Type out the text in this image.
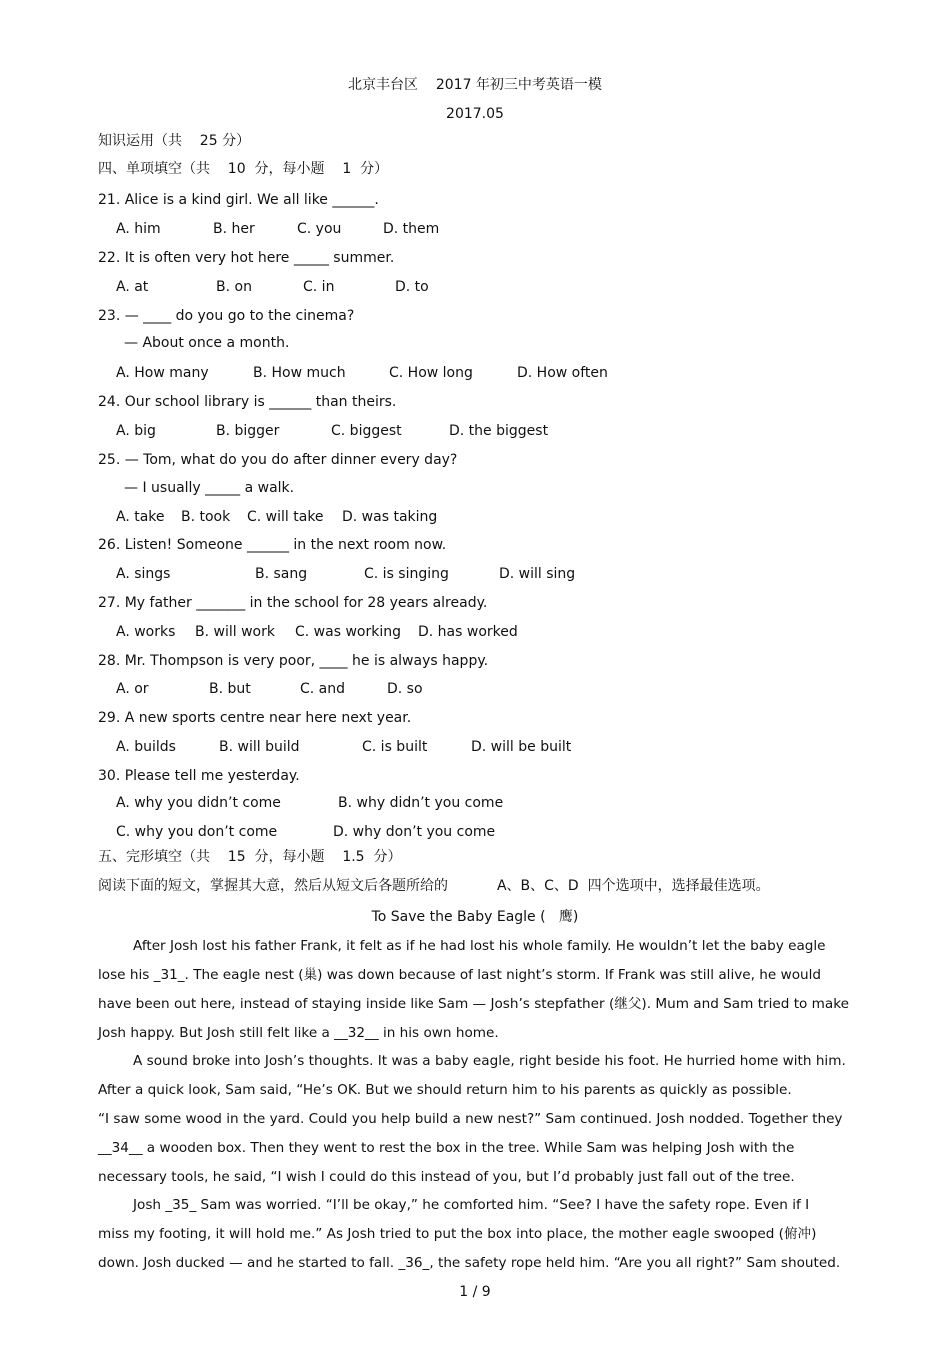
北京丰台区    2017 年初三中考英语一模
2017.05
知识运用（共    25 分）
四、单项填空（共    10  分，每小题    1  分）
21. Alice is a kind girl. We all like ______.
A. him	B. her	C. you	D. them
22. It is often very hot here _____ summer.
A. at	B. on	C. in	D. to
23. — ____ do you go to the cinema?
— About once a month.
A. How many	B. How much	C. How long	D. How often
24. Our school library is ______ than theirs.
A. big	B. bigger	C. biggest	D. the biggest
25. — Tom, what do you do after dinner every day?
— I usually _____ a walk.
A. take B. took C. will take D. was taking
26. Listen! Someone ______ in the next room now.
A. sings	B. sang	C. is singing	D. will sing
27. My father _______ in the school for 28 years already.
A. works B. will work C. was working D. has worked
28. Mr. Thompson is very poor, ____ he is always happy.
A. or	B. but	C. and	D. so
29. A new sports centre near here next year.
A. builds	B. will build	C. is built	D. will be built
30. Please tell me yesterday.
A. why you didn’t come	B. why didn’t you come
C. why you don’t come	D. why don’t you come
五、完形填空（共    15  分，每小题    1.5  分）
阅读下面的短文，掌握其大意，然后从短文后各题所给的           A、B、C、D  四个选项中，选择最佳选项。
To Save the Baby Eagle (   鹰)
After Josh lost his father Frank, it felt as if he had lost his whole family. He wouldn’t let the baby eagle
lose his _31_. The eagle nest (巢) was down because of last night’s storm. If Frank was still alive, he would
have been out here, instead of staying inside like Sam — Josh’s stepfather (继父). Mum and Sam tried to make
Josh happy. But Josh still felt like a __32__ in his own home.
A sound broke into Josh’s thoughts. It was a baby eagle, right beside his foot. He hurried home with him.
After a quick look, Sam said, “He’s OK. But we should return him to his parents as quickly as possible.
“I saw some wood in the yard. Could you help build a new nest?” Sam continued. Josh nodded. Together they
__34__ a wooden box. Then they went to rest the box in the tree. While Sam was helping Josh with the
necessary tools, he said, “I wish I could do this instead of you, but I’d probably just fall out of the tree.
Josh _35_ Sam was worried. “I’ll be okay,” he comforted him. “See? I have the safety rope. Even if I
miss my footing, it will hold me.” As Josh tried to put the box into place, the mother eagle swooped (俯冲)
down. Josh ducked — and he started to fall. _36_, the safety rope held him. “Are you all right?” Sam shouted.
1 / 9
